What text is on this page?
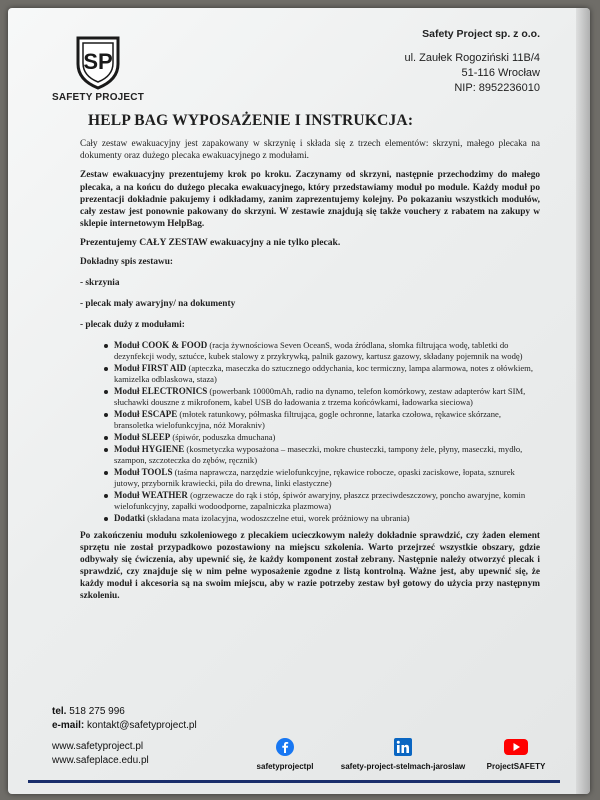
SP
SAFETY PROJECT
Safety Project sp. z o.o.
ul. Zaułek Rogoziński 11B/4
51-116 Wrocław
NIP: 8952236010
HELP BAG WYPOSAŻENIE I INSTRUKCJA:

Cały zestaw ewakuacyjny jest zapakowany w skrzynię i składa się z trzech elementów: skrzyni, małego plecaka na dokumenty oraz dużego plecaka ewakuacyjnego z modułami.

Zestaw ewakuacyjny prezentujemy krok po kroku. Zaczynamy od skrzyni, następnie przechodzimy do małego plecaka, a na końcu do dużego plecaka ewakuacyjnego, który przedstawiamy moduł po module. Każdy moduł po prezentacji dokładnie pakujemy i odkładamy, zanim zaprezentujemy kolejny. Po pokazaniu wszystkich modułów, cały zestaw jest ponownie pakowany do skrzyni. W zestawie znajdują się także vouchery z rabatem na zakupy w sklepie internetowym HelpBag.

Prezentujemy CAŁY ZESTAW ewakuacyjny a nie tylko plecak.

Dokładny spis zestawu:

- skrzynia

- plecak mały awaryjny/ na dokumenty

- plecak duży z modułami:

Moduł COOK & FOOD (racja żywnościowa Seven OceanS, woda źródlana, słomka filtrująca wodę, tabletki do dezynfekcji wody, sztućce, kubek stalowy z przykrywką, palnik gazowy, kartusz gazowy, składany pojemnik na wodę)
Moduł FIRST AID (apteczka, maseczka do sztucznego oddychania, koc termiczny, lampa alarmowa, notes z ołówkiem, kamizelka odblaskowa, staza)
Moduł ELECTRONICS (powerbank 10000mAh, radio na dynamo, telefon komórkowy, zestaw adapterów kart SIM, słuchawki douszne z mikrofonem, kabel USB do ładowania z trzema końcówkami, ładowarka sieciowa)
Moduł ESCAPE (młotek ratunkowy, półmaska filtrująca, gogle ochronne, latarka czołowa, rękawice skórzane, bransoletka wielofunkcyjna, nóż Morakniv)
Moduł SLEEP (śpiwór, poduszka dmuchana)
Moduł HYGIENE (kosmetyczka wyposażona – maseczki, mokre chusteczki, tampony żele, płyny, maseczki, mydło, szampon, szczoteczka do zębów, ręcznik)
Moduł TOOLS (taśma naprawcza, narzędzie wielofunkcyjne, rękawice robocze, opaski zaciskowe, łopata, sznurek jutowy, przybornik krawiecki, piła do drewna, linki elastyczne)
Moduł WEATHER (ogrzewacze do rąk i stóp, śpiwór awaryjny, płaszcz przeciwdeszczowy, poncho awaryjne, komin wielofunkcyjny, zapałki wodoodporne, zapalniczka plazmowa)
Dodatki (składana mata izolacyjna, wodoszczelne etui, worek próżniowy na ubrania)

Po zakończeniu modułu szkoleniowego z plecakiem ucieczkowym należy dokładnie sprawdzić, czy żaden element sprzętu nie został przypadkowo pozostawiony na miejscu szkolenia. Warto przejrzeć wszystkie obszary, gdzie odbywały się ćwiczenia, aby upewnić się, że każdy komponent został zebrany. Następnie należy otworzyć plecak i sprawdzić, czy znajduje się w nim pełne wyposażenie zgodne z listą kontrolną. Ważne jest, aby upewnić się, że każdy moduł i akcesoria są na swoim miejscu, aby w razie potrzeby zestaw był gotowy do użycia przy następnym szkoleniu.

tel. 518 275 996
e-mail: kontakt@safetyproject.pl
www.safetyproject.pl
www.safeplace.edu.pl
safetyprojectpl	safety-project-stelmach-jaroslaw	ProjectSAFETY
